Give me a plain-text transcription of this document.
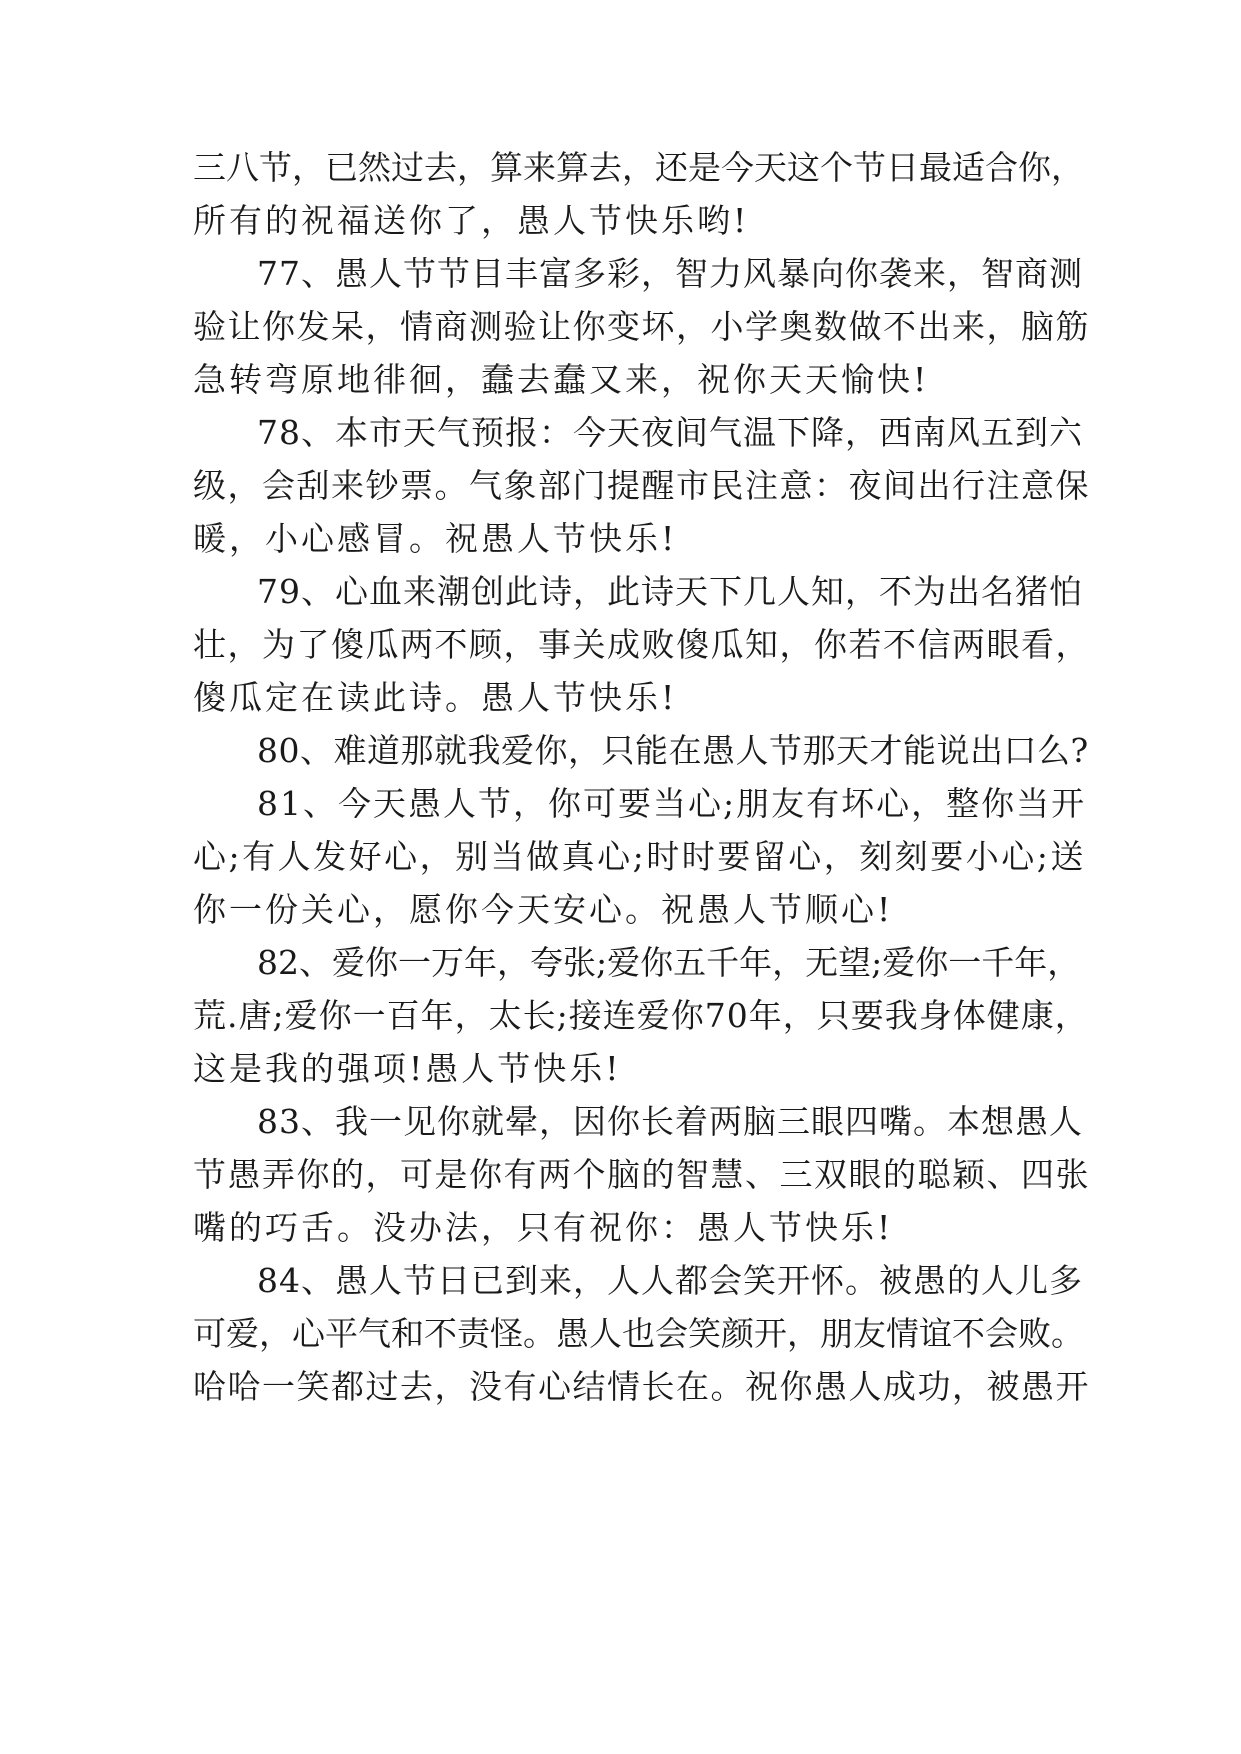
三八节，已然过去，算来算去，还是今天这个节日最适合你，
所有的祝福送你了，愚人节快乐哟!
77、愚人节节目丰富多彩，智力风暴向你袭来，智商测
验让你发呆，情商测验让你变坏，小学奥数做不出来，脑筋
急转弯原地徘徊，蠢去蠢又来，祝你天天愉快!
78、本市天气预报：今天夜间气温下降，西南风五到六
级，会刮来钞票。气象部门提醒市民注意：夜间出行注意保
暖，小心感冒。祝愚人节快乐!
79、心血来潮创此诗，此诗天下几人知，不为出名猪怕
壮，为了傻瓜两不顾，事关成败傻瓜知，你若不信两眼看，
傻瓜定在读此诗。愚人节快乐!
80、难道那就我爱你，只能在愚人节那天才能说出口么?
81、今天愚人节，你可要当心;朋友有坏心，整你当开
心;有人发好心，别当做真心;时时要留心，刻刻要小心;送
你一份关心，愿你今天安心。祝愚人节顺心!
82、爱你一万年，夸张;爱你五千年，无望;爱你一千年，
荒.唐;爱你一百年，太长;接连爱你70年，只要我身体健康，
这是我的强项!愚人节快乐!
83、我一见你就晕，因你长着两脑三眼四嘴。本想愚人
节愚弄你的，可是你有两个脑的智慧、三双眼的聪颖、四张
嘴的巧舌。没办法，只有祝你：愚人节快乐!
84、愚人节日已到来，人人都会笑开怀。被愚的人儿多
可爱，心平气和不责怪。愚人也会笑颜开，朋友情谊不会败。
哈哈一笑都过去，没有心结情长在。祝你愚人成功，被愚开
